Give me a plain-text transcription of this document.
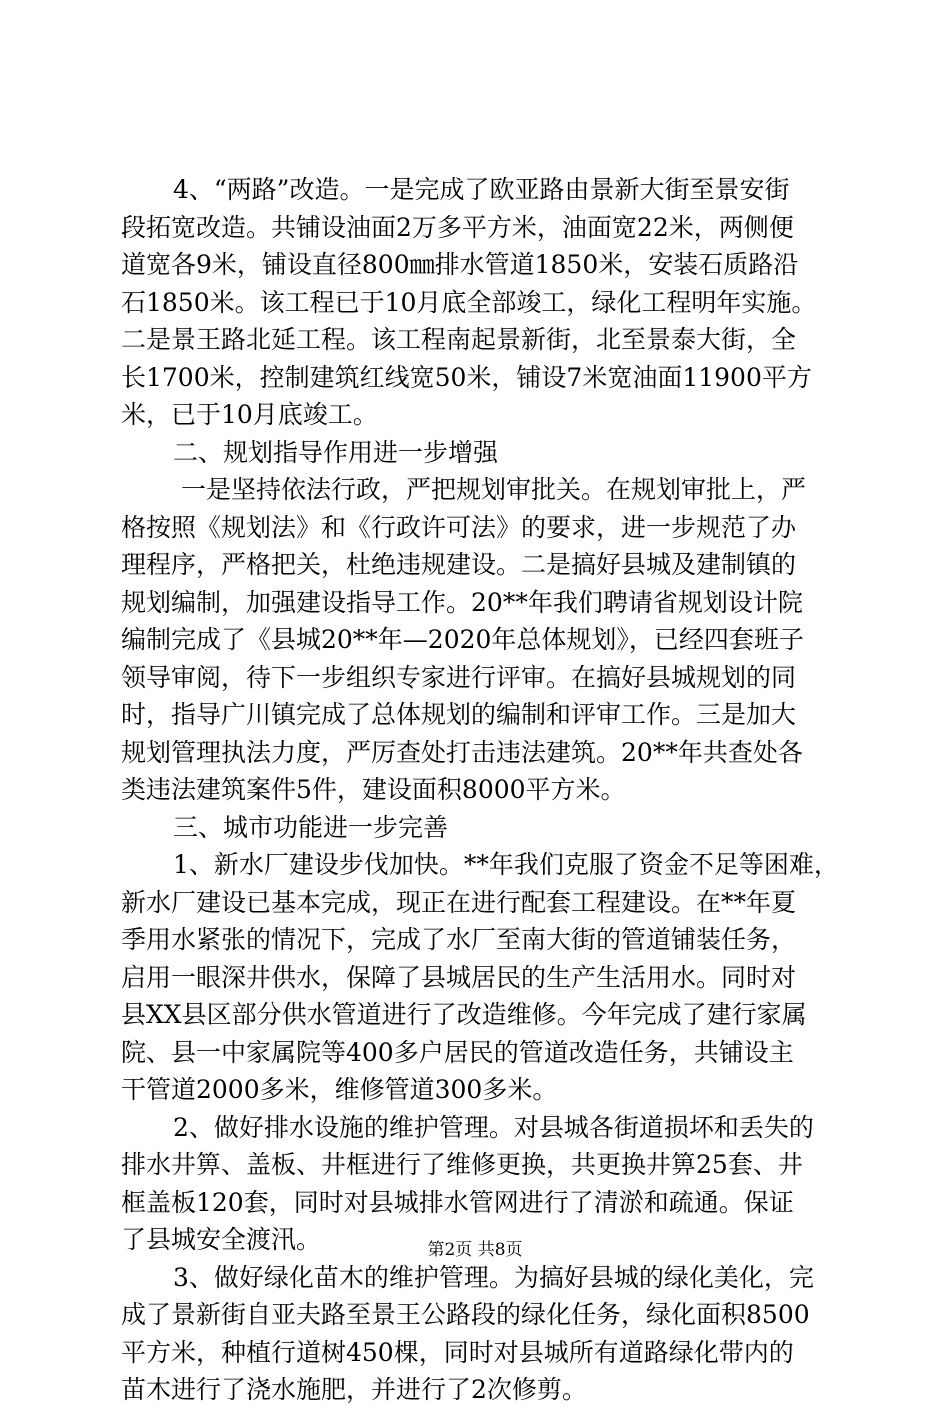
4、“两路”改造。一是完成了欧亚路由景新大街至景安街
段拓宽改造。共铺设油面2万多平方米，油面宽22米，两侧便
道宽各9米，铺设直径800㎜排水管道1850米，安装石质路沿
石1850米。该工程已于10月底全部竣工，绿化工程明年实施。
二是景王路北延工程。该工程南起景新街，北至景泰大街，全
长1700米，控制建筑红线宽50米，铺设7米宽油面11900平方
米，已于10月底竣工。
二、规划指导作用进一步增强
一是坚持依法行政，严把规划审批关。在规划审批上，严
格按照《规划法》和《行政许可法》的要求，进一步规范了办
理程序，严格把关，杜绝违规建设。二是搞好县城及建制镇的
规划编制，加强建设指导工作。20**年我们聘请省规划设计院
编制完成了《县城20**年—2020年总体规划》，已经四套班子
领导审阅，待下一步组织专家进行评审。在搞好县城规划的同
时，指导广川镇完成了总体规划的编制和评审工作。三是加大
规划管理执法力度，严厉查处打击违法建筑。20**年共查处各
类违法建筑案件5件，建设面积8000平方米。
三、城市功能进一步完善
1、新水厂建设步伐加快。**年我们克服了资金不足等困难，
新水厂建设已基本完成，现正在进行配套工程建设。在**年夏
季用水紧张的情况下，完成了水厂至南大街的管道铺装任务，
启用一眼深井供水，保障了县城居民的生产生活用水。同时对
县XX县区部分供水管道进行了改造维修。今年完成了建行家属
院、县一中家属院等400多户居民的管道改造任务，共铺设主
干管道2000多米，维修管道300多米。
2、做好排水设施的维护管理。对县城各街道损坏和丢失的
排水井箅、盖板、井框进行了维修更换，共更换井箅25套、井
框盖板120套，同时对县城排水管网进行了清淤和疏通。保证
了县城安全渡汛。
3、做好绿化苗木的维护管理。为搞好县城的绿化美化，完
成了景新街自亚夫路至景王公路段的绿化任务，绿化面积8500
平方米，种植行道树450棵，同时对县城所有道路绿化带内的
苗木进行了浇水施肥，并进行了2次修剪。
第2页 共8页
